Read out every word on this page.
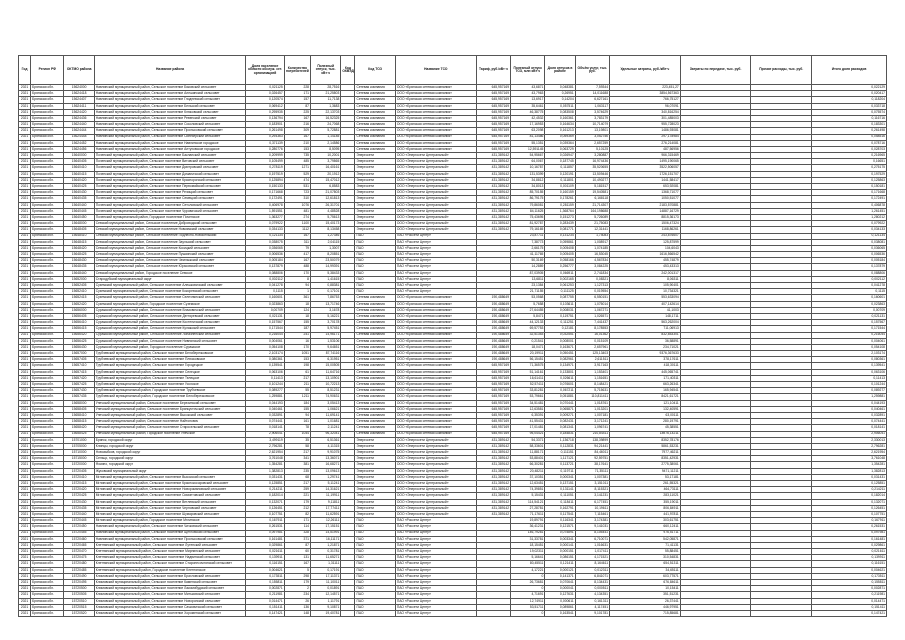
Год	Регион РФ	ОКТМО района	Название района	Доля население области обслуж. сет. организацией	Количество потребителей	Полезный отпуск, тыс. кВт·ч	Код ОКВЭД	Код ТСО	Название ТСО	Тариф, руб./кВт·ч	Полезный отпуск ТСО, млн кВт·ч	Доля отпуска в районе	Объём услуг, тыс. руб.	Удельные затраты, руб./кВт·ч	Затраты по передаче, тыс. руб.	Прочие расходы, тыс. руб.	Итого доля расходов
2021	Брянская обл.	15624000	Навлинский муниципальный район, Сельское поселение Бяковский сельсовет	0,021125	228	28,7516		Сетевая компания	ООО «Брянская сетевая компания»	645,957169	43,6871	0,048381	7,59344	223,451,27			0,022129
2021	Брянская обл.	15624418	Навлинский муниципальный район, Сельское поселение Алешинский сельсовет	0,026457	171	21,25803		Сетевая компания	ООО «Брянская сетевая компания»	645,957169	43,7963	0,26951	14,011688	3854,567363			0,020417
2021	Брянская обл.	15624407	Навлинский муниципальный район, Сельское поселение Глодневский сельсовет	0,120574	157	11,7138		Сетевая компания	ООО «Брянская сетевая компания»	645,957169	13,6917	0,14204	6,627161	766,75127			0,118204
2021	Брянская обл.	15624411	Навлинский муниципальный район, Сельское поселение Бельский сельсовет	0,069412	87	1,3683		Сетевая компания	ООО «Брянская сетевая компания»	645,957169	35,6461	0,057511	1,063117	96,07091			0,033718
2021	Брянская обл.	15624420	Навлинский муниципальный район, Сельское поселение Клюковский сельсовет	0,295935	225	22,13703		Сетевая компания	ООО «Брянская сетевая компания»	645,957169	46,38775	0,083508	3,574629	340,816254			0,075574
2021	Брянская обл.	15624436	Навлинский муниципальный район, Сельское поселение Ревенский сельсовет	0,136794	167	16,52325		Сетевая компания	ООО «Брянская сетевая компания»	645,957169	42,4532	0,160361	3,783179	301,485003			0,116716
2021	Брянская обл.	15624440	Навлинский муниципальный район, Сельское поселение Соколовский сельсовет	0,183901	216	24,7068		Сетевая компания	ООО «Брянская сетевая компания»	645,957169	17,16953	0,164634	10,714079	955,728023			0,183301
2021	Брянская обл.	15624444	Навлинский муниципальный район, Сельское поселение Пролысовский сельсовет	0,261498	309	5,72881		Сетевая компания	ООО «Брянская сетевая компания»	645,957169	63,2098	0,161213	13,19801	1486,93081			0,261498
2021	Брянская обл.	15624448	Навлинский муниципальный район, Сельское поселение Синезерский сельсовет	0,294363	167	1,14185		Сетевая компания	ООО «Брянская сетевая компания»	645,957169	81,13486	0,059369	3,052756	297,178984			0,058516
2021	Брянская обл.	15624452	Навлинский муниципальный район, Сельское поселение Навлинское городское	0,371139	210	2,14586		Сетевая компания	ООО «Брянская сетевая компания»	645,957169	55,1351	0,039364	2,657259	276,214081			0,078716
2021	Брянская обл.	15624456	Навлинский муниципальный район, Сельское поселение Алтуховское городское	0,280776	153	8,5095		Сетевая компания	ООО «Брянская сетевая компания»	645,957169	12,591145	0,063729	5,10125	487,56956			0,028703
2021	Брянская обл.	15640000	Почепский муниципальный район, Сельское поселение Бакланский сельсовет	0,209999	735	10,2001		Энергосети	ООО «Энергосети Центральный»	431,389142	54,95667	0,026947	3,280887	966,315469			0,216965
2021	Брянская обл.	15640405	Почепский муниципальный район, Сельское поселение Витовский сельсовет	0,105499	485	3,79865		Энергосети	ООО «Энергосети Центральный»	431,389142	64,0067	0,187745	16,974436	1495,190065			0,16651
2021	Брянская обл.	15640410	Почепский муниципальный район, Сельское поселение Дмитровский сельсовет	0,278119	1271	16,40161		Энергосети	ООО «Энергосети Центральный»	431,389142	10,16787	0,111857	35,520655	3522,506057			0,275175
2021	Брянская обл.	15640415	Почепский муниципальный район, Сельское поселение Доманичский сельсовет	0,197519	529	20,1912		Энергосети	ООО «Энергосети Центральный»	431,389142	131,5399	0,120191	13,509446	1726,151707			0,197529
2021	Брянская обл.	15640420	Почепский муниципальный район, Сельское поселение Краснорогский сельсовет	0,125894	474	15,47012		Энергосети	ООО «Энергосети Центральный»	431,389142	34,8812	0,111801	10,490277	1441,58417			0,125863
2021	Брянская обл.	15640425	Почепский муниципальный район, Сельское поселение Первомайский сельсовет	0,150133	531	6,8583		Энергосети	ООО «Энергосети Центральный»	431,389142	34,8013	0,001109	5,181517	653,92081			0,150181
2021	Брянская обл.	15640430	Почепский муниципальный район, Сельское поселение Речицкий сельсовет	0,171668	723	21,07803		Энергосети	ООО «Энергосети Центральный»	431,389142	85,70155	0,160159	19,540581	1368,71077			0,171668
2021	Брянская обл.	15640435	Почепский муниципальный район, Сельское поселение Семецкий сельсовет	0,172491	310	12,61813		Энергосети	ООО «Энергосети Центральный»	431,389142	86,79175	0,178261	6,168118	1050,51077			0,172491
2021	Брянская обл.	15640440	Почепский муниципальный район, Сельское поселение Сетоловский сельсовет	0,406978	1076	26,31701		Энергосети	ООО «Энергосети Центральный»	431,389142	79,86081	0,281159	21,714307	2183,570881			0,406878
2021	Брянская обл.	15640445	Почепский муниципальный район, Сельское поселение Чуровичский сельсовет	1,591551	481	4,48528		Энергосети	ООО «Энергосети Центральный»	431,389142	84,11625	1,368764	164,198688	14887,16729			1,261451
2021	Брянская обл.	15640450	Почепский муниципальный район, Городское поселение Почепское	1,363277	274	5,75613		Энергосети	ООО «Энергосети Центральный»	431,389142	75,43695	0,151273	5,726089	8815,36173			1,280212
2021	Брянская обл.	15648000	Севский муниципальный район, Сельское поселение Доброводский сельсовет	0,079922	1100	15,40173		Энергосети	ООО «Энергосети Центральный»	431,389142	81,92787	0,283439	21,75083	1506,47324			0,079922
2021	Брянская обл.	15648405	Севский муниципальный район, Сельское поселение Новоямский сельсовет	0,034133	1112	8,13458		Энергосети	ООО «Энергосети Центральный»	431,389142	79,16165	0,081771	12,31441	1168,86261			0,034133
2021	Брянская обл.	15648410	Севский муниципальный район, Сельское поселение Подлесно-Новосельский	0,121134	167	1,27346		ПАО	ПАО «Россети Центр»		23,87711	0,131234	1,74083	243,876607			0,121134
2021	Брянская обл.	15648415	Севский муниципальный район, Сельское поселение Заульский сельсовет	0,038075	311	2,04115		ПАО	ПАО «Россети Центр»		7,38773	0,059861	1,008917	125,87599			0,038081
2021	Брянская обл.	15648420	Севский муниципальный район, Сельское поселение Косицкий сельсовет	0,036065	79	1,3007		ПАО	ПАО «Россети Центр»		2,66175	0,005408	1,074185	104,6043			0,036065
2021	Брянская обл.	15648425	Севский муниципальный район, Сельское поселение Пушкинский сельсовет	0,006536	417	8,20851		ПАО	ПАО «Россети Центр»		41,11765	0,005405	16,53045	1616,566542			0,006536
2021	Брянская обл.	15648430	Севский муниципальный район, Сельское поселение Чемлыжский сельсовет	0,005184	167	23,50079		ПАО	ПАО «Россети Центр»		50,3169	0,058166	4,567834	455,74879			0,005184
2021	Брянская обл.	15648435	Севский муниципальный район, Сельское поселение Юрасовский сельсовет	0,137879	488	14,99391		ПАО	ПАО «Россети Центр»		14,2889	0,256777	3,084225	453,43313			0,137879
2021	Брянская обл.	15648440	Севский муниципальный район, Городское поселение Севское	0,088806	170	5,38433		ПАО	ПАО «Россети Центр»		87,03905	0,066911	2,741834	242,001317			0,088806
2021	Брянская обл.	15652000	Стародубский муниципальный округ	0,002112	8	1,41615		ПАО	ПАО «Россети Центр»		13,6811	0,002165	0,08321	8,06311			0,002112
2021	Брянская обл.	15652405	Суземский муниципальный район, Сельское поселение Алешковичский сельсовет	0,041278	94	0,88381		ПАО	ПАО «Россети Центр»		23,1384	0,061253	1,127313	105,90401			0,041278
2021	Брянская обл.	15652410	Суземский муниципальный район, Сельское поселение Кокоревский сельсовет	0,1115	1	0,17101		ПАО	ПАО «Россети Центр»		21,71155	0,111125	0,019554	10,734321			0,1115
2021	Брянская обл.	15652415	Суземский муниципальный район, Сельское поселение Селечнянский сельсовет	0,160601	361	7,86753		Сетевая компания	ООО «Брянская сетевая компания»	190,488649	53,0568	0,087755	6,550151	553,633094			0,160601
2021	Брянская обл.	15652420	Суземский муниципальный район, Городское поселение Суземское	0,023863	18	13,71746		Сетевая компания	ООО «Брянская сетевая компания»	190,488649	5,7658	0,103611	1,075014	407,142614			0,023863
2021	Брянская обл.	15656000	Суражский муниципальный район, Сельское поселение Влазовичский сельсовет	0,00709	124	3,1678		Сетевая компания	ООО «Брянская сетевая компания»	190,488649	27,64455	0,008031	1,067271	41,1003			0,00709
2021	Брянская обл.	15656405	Суражский муниципальный район, Сельское поселение Дегтяревский сельсовет	0,021131	18	5,16221		Сетевая компания	ООО «Брянская сетевая компания»	190,488649	5,8471	0,119751	1,026571	148,1711			0,021131
2021	Брянская обл.	15656410	Суражский муниципальный район, Сельское поселение Костеничский сельсовет	0,157567	155	3,70178		Сетевая компания	ООО «Брянская сетевая компания»	190,488649	44,12133	0,111251	7,441437	563,262004			0,157567
2021	Брянская обл.	15656415	Суражский муниципальный район, Сельское поселение Кулажский сельсовет	0,171544	187	5,97451		Сетевая компания	ООО «Брянская сетевая компания»	190,488649	69,57753	0,12181	8,178553	711,06913			0,171544
2021	Брянская обл.	15656420	Суражский муниципальный район, Сельское поселение Лопазненский сельсовет	0,216044	241	14,96171		Сетевая компания	ООО «Брянская сетевая компания»	190,488649	32,51353	0,032551	16,01362	832,853301			0,216044
2021	Брянская обл.	15656425	Суражский муниципальный район, Сельское поселение Нивнянский сельсовет	0,004061	16	1,53106		Сетевая компания	ООО «Брянская сетевая компания»	190,488649	0,21541	0,008001	0,015109	36,58891			0,004061
2021	Брянская обл.	15656430	Суражский муниципальный район, Городское поселение Суражское	0,054108	170	9,64651		Сетевая компания	ООО «Брянская сетевая компания»	190,488649	18,0471	0,163671	2,657961	234,71021			0,054108
2021	Брянская обл.	15657000	Трубчевский муниципальный район, Сельское поселение Белоберезковское	2,103174	1051	87,74116		Сетевая компания	ООО «Брянская сетевая компания»	190,488649	20,19911	0,050451	125,13403	9376,367633			2,103174
2021	Брянская обл.	15657405	Трубчевский муниципальный район, Сельское поселение Плюсковское	0,080361	153	6,31951		Сетевая компания	ООО «Брянская сетевая компания»	190,488649	56,15451	0,082961	2,611511	378,17611			0,080361
2021	Брянская обл.	15657410	Трубчевский муниципальный район, Сельское поселение Городецкое	0,139541	198	15,00505		Сетевая компания	ООО «Брянская сетевая компания»	645,957169	71,36575	0,134971	3,917163	418,30111			0,139541
2021	Брянская обл.	15657415	Трубчевский муниципальный район, Сельское поселение Селецкое	0,063106	61	11,64716		Сетевая компания	ООО «Брянская сетевая компания»	645,957169	51,14161	0,133801	1,153401	445,065741			0,063106
2021	Брянская обл.	15657420	Трубчевский муниципальный район, Сельское поселение Телецкое	0,11413	217	13,10901		Сетевая компания	ООО «Брянская сетевая компания»	645,957169	16,61411	0,026611	1,151651	171,40311			0,11413
2021	Брянская обл.	15657425	Трубчевский муниципальный район, Сельское поселение Усохское	0,101244	211	10,72213		Сетевая компания	ООО «Брянская сетевая компания»	645,957169	52,57411	0,076601	8,148421	663,26341			0,101244
2021	Брянская обл.	15657430	Трубчевский муниципальный район, Городское поселение Трубчевское	0,089277	55	8,51231		Сетевая компания	ООО «Брянская сетевая компания»	645,957169	33,81281	0,067211	5,715631	165,94541			0,089277
2021	Брянская обл.	15657435	Трубчевский муниципальный район, Городское поселение Белоберезковское	1,259881	1211	74,90631		Сетевая компания	ООО «Брянская сетевая компания»	645,957169	53,79661	0,051881	110,811411	8421,61721			1,259881
2021	Брянская обл.	15658000	Унечский муниципальный район, Сельское поселение Березинский сельсовет	0,044193	184	3,05413		Сетевая компания	ООО «Брянская сетевая компания»	645,957169	34,51481	0,070441	1,018761	121,10411			0,044193
2021	Брянская обл.	15658405	Унечский муниципальный район, Сельское поселение Брянкустичский сельсовет	0,040461	155	1,06621		Сетевая компания	ООО «Брянская сетевая компания»	645,957169	12,63581	0,065871	1,013201	132,40591			0,040461
2021	Брянская обл.	15658410	Унечский муниципальный район, Сельское поселение Высокский сельсовет	0,032891	94	11,69141		Сетевая компания	ООО «Брянская сетевая компания»	645,957169	6,35391	0,009271	1,007181	63,00111			0,032891
2021	Брянская обл.	15658415	Унечский муниципальный район, Сельское поселение Найтопович	0,074441	161	1,01681		Сетевая компания	ООО «Брянская сетевая компания»	645,957169	41,55431	0,082431	3,171241	280,19791			0,074441
2021	Брянская обл.	15658420	Унечский муниципальный район, Сельское поселение Старосельский сельсовет	0,018141	78	2,11241		Сетевая компания	ООО «Брянская сетевая компания»	645,957169	17,01481	0,081341	1,096741	45,38551			0,018141
2021	Брянская обл.	15658425	Унечский муниципальный район, Городское поселение Унечское	2,906041	1044	96,32041		Сетевая компания	ООО «Брянская сетевая компания»	645,957169	95,04421	0,184831	210,84411	18976,14211			2,906041
2021	Брянская обл.	15701000	Брянск, городской округ	3,499119	35	6,51361		Энергосети	ООО «Энергосети Центральный»	431,389142	54,3371	1,136718	138,39899	8352,78176			2,330013
2021	Брянская обл.	15705000	Клинцы, городской округ	2,796281	58	4,11315		Энергосети	ООО «Энергосети Центральный»	431,389142	58,33601	0,112831	94,21441	5861,53231			2,796281
2021	Брянская обл.	15710000	Новозыбков, городской округ	2,621954	217	9,91075		Энергосети	ООО «Энергосети Центральный»	431,389142	11,88171	0,111151	84,46011	7977,46211			2,621954
2021	Брянская обл.	15715000	Сельцо, городской округ	3,761048	341	13,36071		Энергосети	ООО «Энергосети Центральный»	431,389142	53,88401	1,117121	92,59751	8351,42931			3,761048
2021	Брянская обл.	15720000	Фокино, городской округ	1,354281	381	16,68271		Энергосети	ООО «Энергосети Центральный»	431,389142	66,30281	0,113721	38,17641	2775,38061			1,354281
2021	Брянская обл.	15720405	Жуковский муниципальный округ	1,382813	235	13,09613		Энергосети	ООО «Энергосети Центральный»	431,389142	20,48211	0,119711	71,35111	9471,11211			1,382813
2021	Брянская обл.	15720410	Мглинский муниципальный район, Сельское поселение Высокский сельсовет	0,031431	68	1,29741		Энергосети	ООО «Энергосети Центральный»	431,389142	37,10351	0,000341	1,007381	53,17181			0,031431
2021	Брянская обл.	15720415	Мглинский муниципальный район, Сельское поселение Краснокосаровский сельсовет	0,125851	217	5,11241		Энергосети	ООО «Энергосети Центральный»	431,389142	12,63451	0,137151	3,151011	261,55321			0,125851
2021	Брянская обл.	15720420	Мглинский муниципальный район, Сельское поселение Новоромановский сельсовет	0,214211	259	14,31621		Энергосети	ООО «Энергосети Центральный»	431,389142	74,39851	0,131141	8,115321	464,73111			0,214211
2021	Брянская обл.	15720425	Мглинский муниципальный район, Сельское поселение Симонтовский сельсовет	0,182014	221	11,19911		Энергосети	ООО «Энергосети Центральный»	431,389142	5,15431	0,111051	3,141231	283,11021			0,182014
2021	Брянская обл.	15720430	Мглинский муниципальный район, Сельское поселение Ветлевский сельсовет	0,132071	179	9,11811		Энергосети	ООО «Энергосети Центральный»	431,389142	114,54121	0,118411	6,177451	355,19011			0,132071
2021	Брянская обл.	15720435	Мглинский муниципальный район, Сельское поселение Черновский сельсовет	0,126451	212	17,77411		Энергосети	ООО «Энергосети Центральный»	431,389142	27,28781	0,162791	10,19611	806,84911			0,126451
2021	Брянская обл.	15720440	Мглинский муниципальный район, Сельское поселение Шумаровский сельсовет	0,107751	82	11,62591		Энергосети	ООО «Энергосети Центральный»	431,389142	71,17611	0,117541	7,115461	441,97811			0,107751
2021	Брянская обл.	15720445	Мглинский муниципальный район, Городское поселение Мглинское	0,167911	171	12,26111		ПАО	ПАО «Россети Центр»		19,89791	0,116341	3,174381	303,61751			0,167911
2021	Брянская обл.	15720450	Навлинский муниципальный район, Сельское поселение Чичковский сельсовет	0,261531	114	17,15151		ПАО	ПАО «Россети Центр»		36,41231	0,121571	9,141031	660,12411			0,261531
2021	Брянская обл.	15720455	Навлинский муниципальный район, Сельское поселение Щегловский сельсовет	0,097981	328	14,51991		ПАО	ПАО «Россети Центр»		146,79281	0,075891	8,105441	976,51711			0,097981
2021	Брянская обл.	15720460	Навлинский муниципальный район, Сельское поселение Пролысовский сельсовет	0,161481	371	16,11171		ПАО	ПАО «Россети Центр»		31,33781	0,003341	6,710071	542,05871			0,161481
2021	Брянская обл.	15720465	Клетнянский муниципальный район, Сельское поселение Лутенский сельсовет	0,029861	87	1,21871		ПАО	ПАО «Россети Центр»		18,15451	0,000141	1,016631	71,41131			0,029861
2021	Брянская обл.	15720470	Клетнянский муниципальный район, Сельское поселение Мирнинский сельсовет	0,021611	60	0,31781		ПАО	ПАО «Россети Центр»		19,02311	0,000151	1,017411	55,88451			0,021611
2021	Брянская обл.	15720475	Клетнянский муниципальный район, Сельское поселение Надвинский сельсовет	0,139911	131	11,65271		ПАО	ПАО «Россети Центр»		5,16641	0,086151	4,171521	310,54831			0,139911
2021	Брянская обл.	15720480	Клетнянский муниципальный район, Сельское поселение Старопесочнянский сельсовет	0,116151	167	1,31111		ПАО	ПАО «Россети Центр»		80,45511	0,121411	8,164611	654,51311			0,116151
2021	Брянская обл.	15720485	Клетнянский муниципальный район, Городское поселение Клетнянское	0,004621	5	0,17191		ПАО	ПАО «Россети Центр»		4,17221	0,000121	0,012311	34,65111			0,004621
2021	Брянская обл.	15720490	Климовский муниципальный район, Сельское поселение Брахловский сельсовет	0,173511	298	17,11371		ПАО	ПАО «Россети Центр»		0	0,141371	6,841071	603,77571			0,173511
2021	Брянская обл.	15720495	Климовский муниципальный район, Сельское поселение Каменский сельсовет	0,155811	179	11,10011		ПАО	ПАО «Россети Центр»		26,73681	0,070641	8,134431	676,84611			0,155811
2021	Брянская обл.	15720500	Климовский муниципальный район, Сельское поселение Лакомобудский сельсовет	0,002871	2	0,01891		ПАО	ПАО «Россети Центр»		0	0,000041	0,000511	10,15411			0,002871
2021	Брянская обл.	15720505	Климовский муниципальный район, Сельское поселение Митьковский сельсовет	0,211981	234	12,14571		ПАО	ПАО «Россети Центр»		4,71691	0,127631	4,134351	351,51231			0,211981
2021	Брянская обл.	15720510	Климовский муниципальный район, Сельское поселение Новоропский сельсовет	0,014471	26	1,11791		ПАО	ПАО «Россети Центр»		12,74911	0,000611	0,161311	26,37441			0,014471
2021	Брянская обл.	15720515	Климовский муниципальный район, Сельское поселение Сачковичский сельсовет	0,151411	136	9,10871		ПАО	ПАО «Россети Центр»		53,51711	0,089861	4,117451	446,97951			0,151411
2021	Брянская обл.	15720520	Климовский муниципальный район, Сельское поселение Хороменский сельсовет	0,147421	148	19,40781		ПАО	ПАО «Россети Центр»		0	0,163541	9,101781	715,85681			0,147421
